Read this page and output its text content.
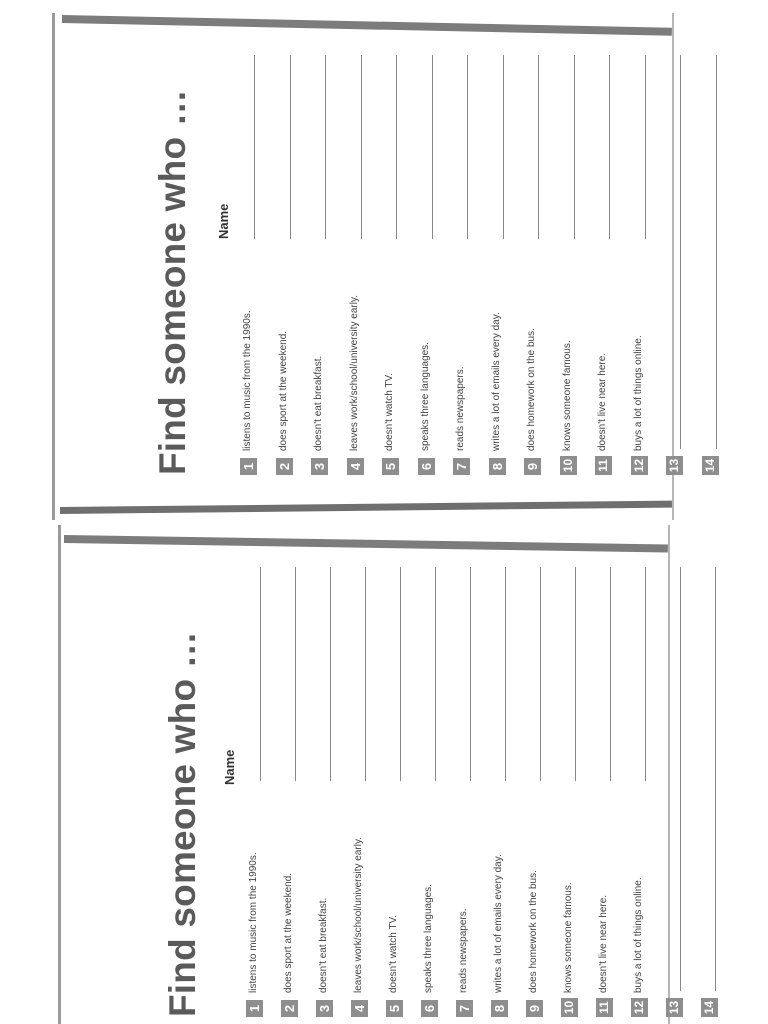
Find someone who … Name
1
listens to music from the 1990s.
2
does sport at the weekend.
3
doesn't eat breakfast.
4
leaves work/school/university early.
5
doesn't watch TV.
6
speaks three languages.
7
reads newspapers.
8
writes a lot of emails every day.
9
does homework on the bus.
10
knows someone famous.
11
doesn't live near here.
12
buys a lot of things online.
13 14
Find someone who … Name
1
listens to music from the 1990s.
2
does sport at the weekend.
3
doesn't eat breakfast.
4
leaves work/school/university early.
5
doesn't watch TV.
6
speaks three languages.
7
reads newspapers.
8
writes a lot of emails every day.
9
does homework on the bus.
10
knows someone famous.
11
doesn't live near here.
12
buys a lot of things online.
13 14
